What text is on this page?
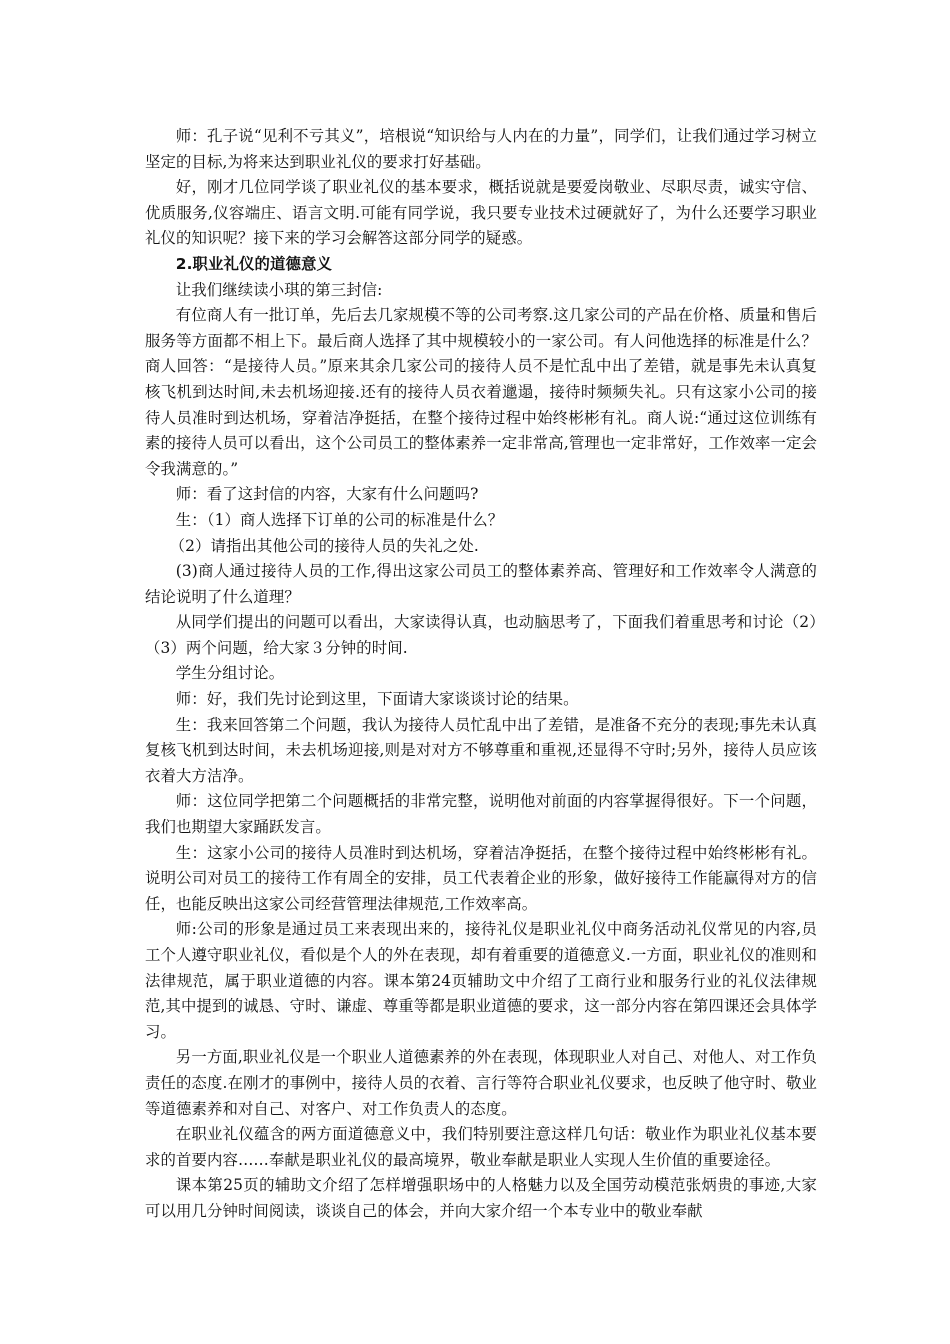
师：孔子说“见利不亏其义”，培根说“知识给与人内在的力量”，同学们，让我们通过学习树立坚定的目标,为将来达到职业礼仪的要求打好基础。

好，刚才几位同学谈了职业礼仪的基本要求，概括说就是要爱岗敬业、尽职尽责，诚实守信、优质服务,仪容端庄、语言文明.可能有同学说，我只要专业技术过硬就好了，为什么还要学习职业礼仪的知识呢？接下来的学习会解答这部分同学的疑惑。

2.职业礼仪的道德意义

让我们继续读小琪的第三封信:

有位商人有一批订单，先后去几家规模不等的公司考察.这几家公司的产品在价格、质量和售后服务等方面都不相上下。最后商人选择了其中规模较小的一家公司。有人问他选择的标准是什么？商人回答：“是接待人员。”原来其余几家公司的接待人员不是忙乱中出了差错，就是事先未认真复核飞机到达时间,未去机场迎接.还有的接待人员衣着邋遢，接待时频频失礼。只有这家小公司的接待人员准时到达机场，穿着洁净挺括，在整个接待过程中始终彬彬有礼。商人说:“通过这位训练有素的接待人员可以看出，这个公司员工的整体素养一定非常高,管理也一定非常好，工作效率一定会令我满意的。”

师：看了这封信的内容，大家有什么问题吗?

生：（1）商人选择下订单的公司的标准是什么？

（2）请指出其他公司的接待人员的失礼之处.

(3)商人通过接待人员的工作,得出这家公司员工的整体素养高、管理好和工作效率令人满意的结论说明了什么道理？

从同学们提出的问题可以看出，大家读得认真，也动脑思考了，下面我们着重思考和讨论（2）（3）两个问题，给大家３分钟的时间.

学生分组讨论。

师：好，我们先讨论到这里，下面请大家谈谈讨论的结果。

生：我来回答第二个问题，我认为接待人员忙乱中出了差错，是准备不充分的表现;事先未认真复核飞机到达时间，未去机场迎接,则是对对方不够尊重和重视,还显得不守时;另外，接待人员应该衣着大方洁净。

师：这位同学把第二个问题概括的非常完整，说明他对前面的内容掌握得很好。下一个问题，我们也期望大家踊跃发言。

生：这家小公司的接待人员准时到达机场，穿着洁净挺括，在整个接待过程中始终彬彬有礼。说明公司对员工的接待工作有周全的安排，员工代表着企业的形象，做好接待工作能赢得对方的信任，也能反映出这家公司经营管理法律规范,工作效率高。

师:公司的形象是通过员工来表现出来的，接待礼仪是职业礼仪中商务活动礼仪常见的内容,员工个人遵守职业礼仪，看似是个人的外在表现，却有着重要的道德意义.一方面，职业礼仪的准则和法律规范，属于职业道德的内容。课本第24页辅助文中介绍了工商行业和服务行业的礼仪法律规范,其中提到的诚恳、守时、谦虚、尊重等都是职业道德的要求，这一部分内容在第四课还会具体学习。

另一方面,职业礼仪是一个职业人道德素养的外在表现，体现职业人对自己、对他人、对工作负责任的态度.在刚才的事例中，接待人员的衣着、言行等符合职业礼仪要求，也反映了他守时、敬业等道德素养和对自己、对客户、对工作负责人的态度。

在职业礼仪蕴含的两方面道德意义中，我们特别要注意这样几句话：敬业作为职业礼仪基本要求的首要内容……奉献是职业礼仪的最高境界，敬业奉献是职业人实现人生价值的重要途径。

课本第25页的辅助文介绍了怎样增强职场中的人格魅力以及全国劳动模范张炳贵的事迹,大家可以用几分钟时间阅读，谈谈自己的体会，并向大家介绍一个本专业中的敬业奉献
